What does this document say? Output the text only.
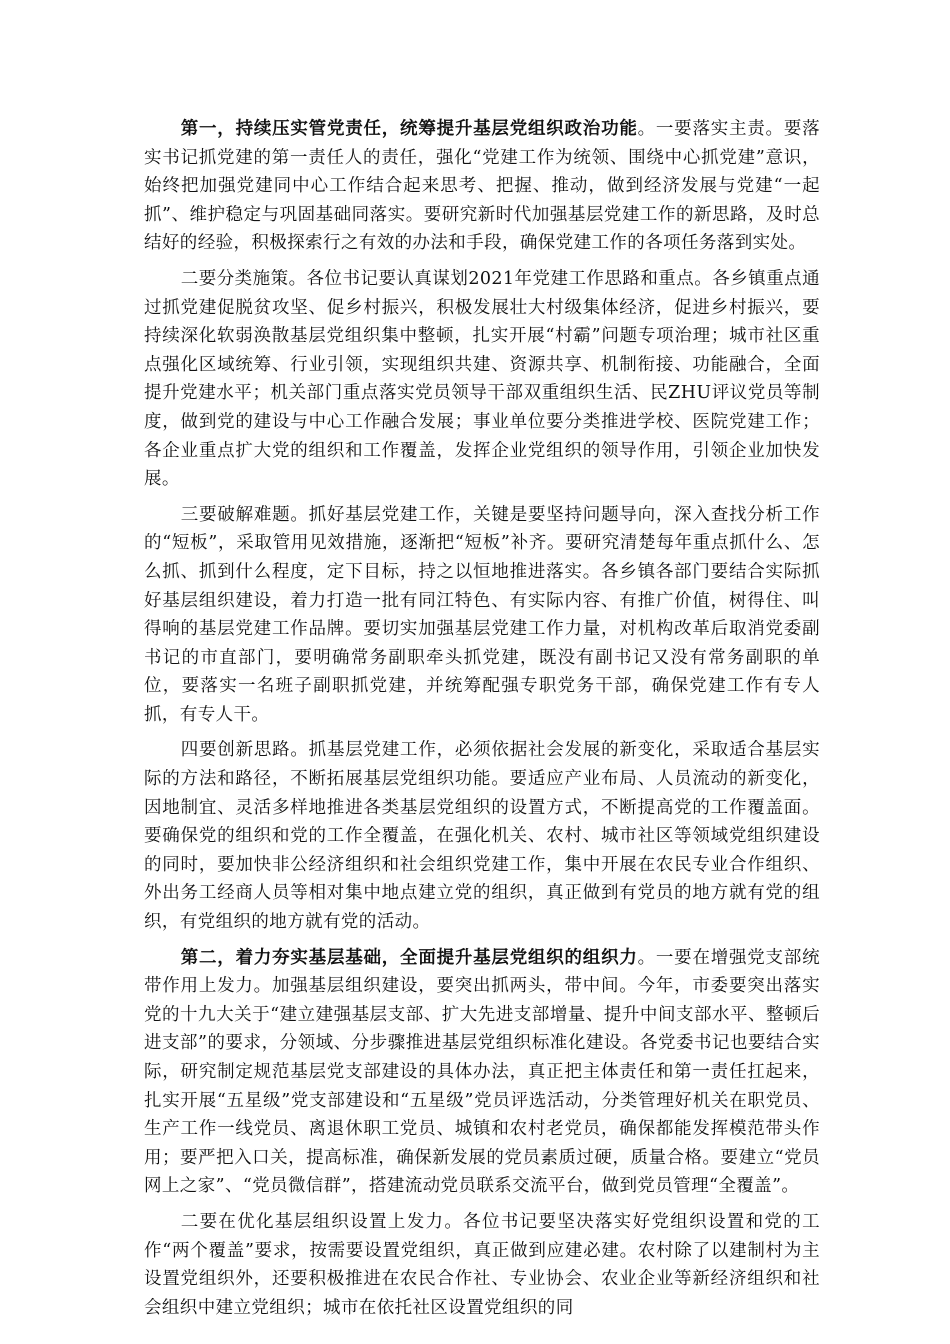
第一，持续压实管党责任，统筹提升基层党组织政治功能。一要落实主责。要落实书记抓党建的第一责任人的责任，强化“党建工作为统领、围绕中心抓党建”意识，始终把加强党建同中心工作结合起来思考、把握、推动，做到经济发展与党建“一起抓”、维护稳定与巩固基础同落实。要研究新时代加强基层党建工作的新思路，及时总结好的经验，积极探索行之有效的办法和手段，确保党建工作的各项任务落到实处。

二要分类施策。各位书记要认真谋划2021年党建工作思路和重点。各乡镇重点通过抓党建促脱贫攻坚、促乡村振兴，积极发展壮大村级集体经济，促进乡村振兴，要持续深化软弱涣散基层党组织集中整顿，扎实开展“村霸”问题专项治理；城市社区重点强化区域统筹、行业引领，实现组织共建、资源共享、机制衔接、功能融合，全面提升党建水平；机关部门重点落实党员领导干部双重组织生活、民ZHU评议党员等制度，做到党的建设与中心工作融合发展；事业单位要分类推进学校、医院党建工作；各企业重点扩大党的组织和工作覆盖，发挥企业党组织的领导作用，引领企业加快发展。

三要破解难题。抓好基层党建工作，关键是要坚持问题导向，深入查找分析工作的“短板”，采取管用见效措施，逐渐把“短板”补齐。要研究清楚每年重点抓什么、怎么抓、抓到什么程度，定下目标，持之以恒地推进落实。各乡镇各部门要结合实际抓好基层组织建设，着力打造一批有同江特色、有实际内容、有推广价值，树得住、叫得响的基层党建工作品牌。要切实加强基层党建工作力量，对机构改革后取消党委副书记的市直部门，要明确常务副职牵头抓党建，既没有副书记又没有常务副职的单位，要落实一名班子副职抓党建，并统筹配强专职党务干部，确保党建工作有专人抓，有专人干。

四要创新思路。抓基层党建工作，必须依据社会发展的新变化，采取适合基层实际的方法和路径，不断拓展基层党组织功能。要适应产业布局、人员流动的新变化，因地制宜、灵活多样地推进各类基层党组织的设置方式，不断提高党的工作覆盖面。要确保党的组织和党的工作全覆盖，在强化机关、农村、城市社区等领域党组织建设的同时，要加快非公经济组织和社会组织党建工作，集中开展在农民专业合作组织、外出务工经商人员等相对集中地点建立党的组织，真正做到有党员的地方就有党的组织，有党组织的地方就有党的活动。

第二，着力夯实基层基础，全面提升基层党组织的组织力。一要在增强党支部统带作用上发力。加强基层组织建设，要突出抓两头，带中间。今年，市委要突出落实党的十九大关于“建立建强基层支部、扩大先进支部增量、提升中间支部水平、整顿后进支部”的要求，分领域、分步骤推进基层党组织标准化建设。各党委书记也要结合实际，研究制定规范基层党支部建设的具体办法，真正把主体责任和第一责任扛起来，扎实开展“五星级”党支部建设和“五星级”党员评选活动，分类管理好机关在职党员、生产工作一线党员、离退休职工党员、城镇和农村老党员，确保都能发挥模范带头作用；要严把入口关，提高标准，确保新发展的党员素质过硬，质量合格。要建立“党员网上之家”、“党员微信群”，搭建流动党员联系交流平台，做到党员管理“全覆盖”。

二要在优化基层组织设置上发力。各位书记要坚决落实好党组织设置和党的工作“两个覆盖”要求，按需要设置党组织，真正做到应建必建。农村除了以建制村为主设置党组织外，还要积极推进在农民合作社、专业协会、农业企业等新经济组织和社会组织中建立党组织；城市在依托社区设置党组织的同
